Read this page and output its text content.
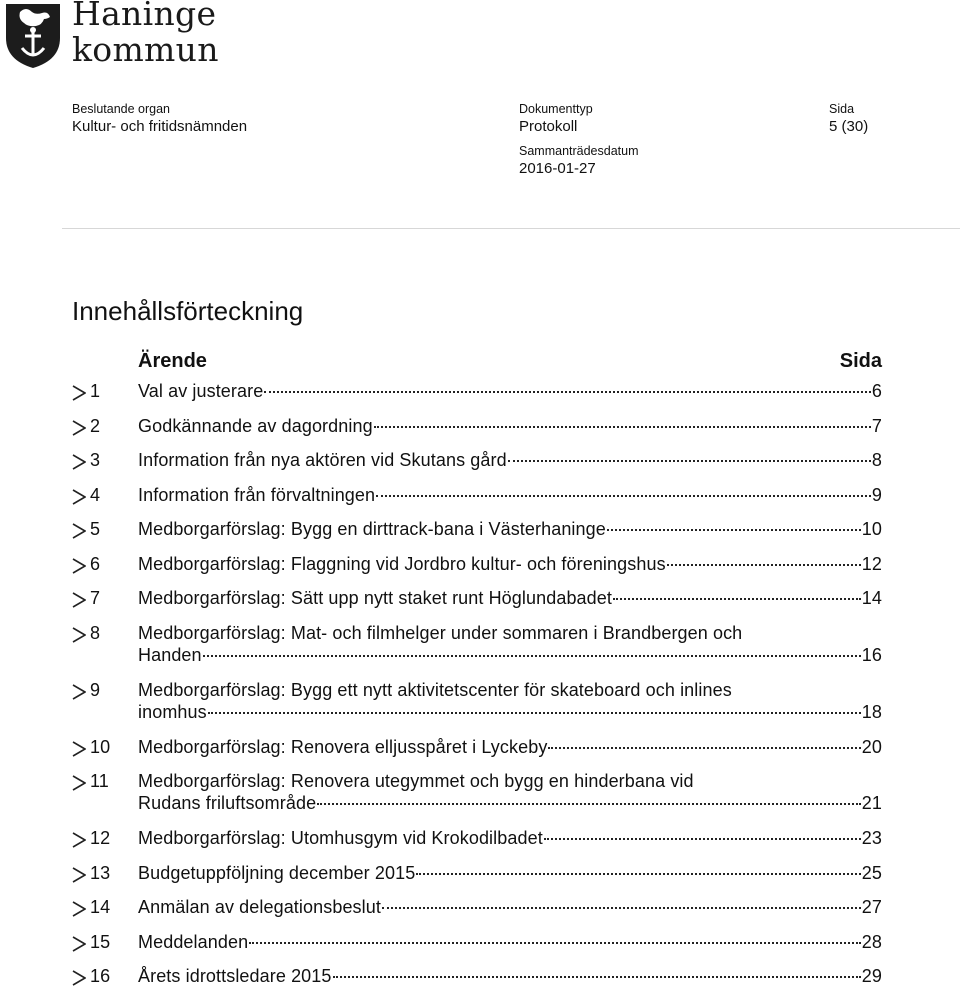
Haninge
kommun
Beslutande organ
Kultur- och fritidsnämnden
Dokumenttyp
Protokoll
Sida
5 (30)
Sammanträdesdatum
2016-01-27
Innehållsförteckning
Ärende	Sida
1	Val av justerare	6
2	Godkännande av dagordning	7
3	Information från nya aktören vid Skutans gård	8
4	Information från förvaltningen	9
5	Medborgarförslag: Bygg en dirttrack-bana i Västerhaninge	10
6	Medborgarförslag: Flaggning vid Jordbro kultur- och föreningshus	12
7	Medborgarförslag: Sätt upp nytt staket runt Höglundabadet	14
8	Medborgarförslag: Mat- och filmhelger under sommaren i Brandbergen och
Handen	16
9	Medborgarförslag: Bygg ett nytt aktivitetscenter för skateboard och inlines
inomhus	18
10	Medborgarförslag: Renovera elljusspåret i Lyckeby	20
11	Medborgarförslag: Renovera utegymmet och bygg en hinderbana vid
Rudans friluftsområde	21
12	Medborgarförslag: Utomhusgym vid Krokodilbadet	23
13	Budgetuppföljning december 2015	25
14	Anmälan av delegationsbeslut	27
15	Meddelanden	28
16	Årets idrottsledare 2015	29
